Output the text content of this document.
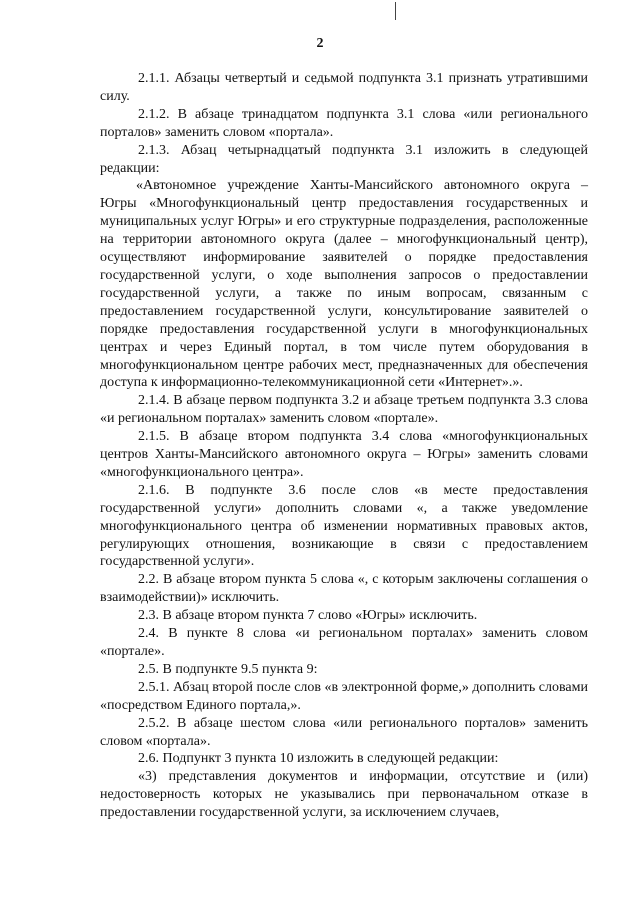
2

2.1.1. Абзацы четвертый и седьмой подпункта 3.1 признать утратившими силу.

2.1.2. В абзаце тринадцатом подпункта 3.1 слова «или регионального порталов» заменить словом «портала».

2.1.3. Абзац четырнадцатый подпункта 3.1 изложить в следующей редакции:

«Автономное учреждение Ханты-Мансийского автономного округа – Югры «Многофункциональный центр предоставления государственных и муниципальных услуг Югры» и его структурные подразделения, расположенные на территории автономного округа (далее – многофункциональный центр), осуществляют информирование заявителей о порядке предоставления государственной услуги, о ходе выполнения запросов о предоставлении государственной услуги, а также по иным вопросам, связанным с предоставлением государственной услуги, консультирование заявителей о порядке предоставления государственной услуги в многофункциональных центрах и через Единый портал, в том числе путем оборудования в многофункциональном центре рабочих мест, предназначенных для обеспечения доступа к информационно-телекоммуникационной сети «Интернет».».

2.1.4. В абзаце первом подпункта 3.2 и абзаце третьем подпункта 3.3 слова «и региональном порталах» заменить словом «портале».

2.1.5. В абзаце втором подпункта 3.4 слова «многофункциональных центров Ханты-Мансийского автономного округа – Югры» заменить словами «многофункционального центра».

2.1.6. В подпункте 3.6 после слов «в месте предоставления государственной услуги» дополнить словами «, а также уведомление многофункционального центра об изменении нормативных правовых актов, регулирующих отношения, возникающие в связи с предоставлением государственной услуги».

2.2. В абзаце втором пункта 5 слова «, с которым заключены соглашения о взаимодействии)» исключить.

2.3. В абзаце втором пункта 7 слово «Югры» исключить.

2.4. В пункте 8 слова «и региональном порталах» заменить словом «портале».

2.5. В подпункте 9.5 пункта 9:

2.5.1. Абзац второй после слов «в электронной форме,» дополнить словами «посредством Единого портала,».

2.5.2. В абзаце шестом слова «или регионального порталов» заменить словом «портала».

2.6. Подпункт 3 пункта 10 изложить в следующей редакции:

«3) представления документов и информации, отсутствие и (или) недостоверность которых не указывались при первоначальном отказе в предоставлении государственной услуги, за исключением случаев,
